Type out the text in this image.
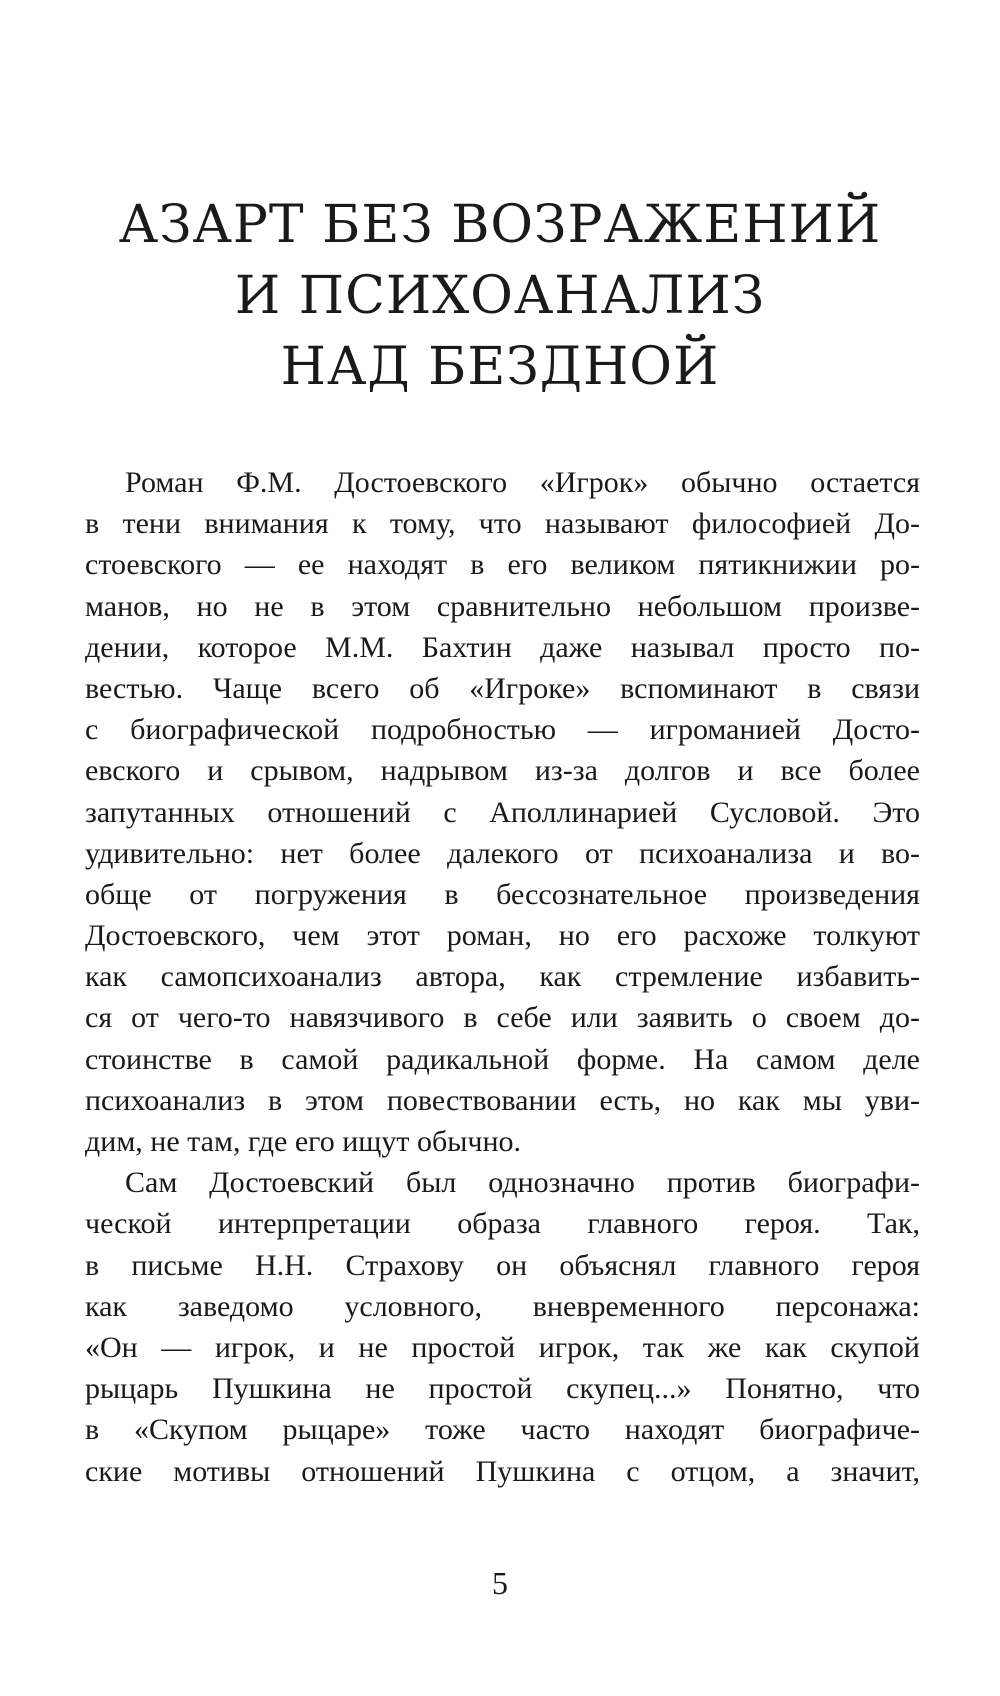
АЗАРТ БЕЗ ВОЗРАЖЕНИЙ
И ПСИХОАНАЛИЗ
НАД БЕЗДНОЙ
Роман Ф.М. Достоевского «Игрок» обычно остается
в тени внимания к тому, что называют философией До-
стоевского — ее находят в его великом пятикнижии ро-
манов, но не в этом сравнительно небольшом произве-
дении, которое М.М. Бахтин даже называл просто по-
вестью. Чаще всего об «Игроке» вспоминают в связи
с биографической подробностью — игроманией Досто-
евского и срывом, надрывом из-за долгов и все более
запутанных отношений с Аполлинарией Сусловой. Это
удивительно: нет более далекого от психоанализа и во-
обще от погружения в бессознательное произведения
Достоевского, чем этот роман, но его расхоже толкуют
как самопсихоанализ автора, как стремление избавить-
ся от чего-то навязчивого в себе или заявить о своем до-
стоинстве в самой радикальной форме. На самом деле
психоанализ в этом повествовании есть, но как мы уви-
дим, не там, где его ищут обычно.
Сам Достоевский был однозначно против биографи-
ческой интерпретации образа главного героя. Так,
в письме Н.Н. Страхову он объяснял главного героя
как заведомо условного, вневременного персонажа:
«Он — игрок, и не простой игрок, так же как скупой
рыцарь Пушкина не простой скупец...» Понятно, что
в «Скупом рыцаре» тоже часто находят биографиче-
ские мотивы отношений Пушкина с отцом, а значит,
5
